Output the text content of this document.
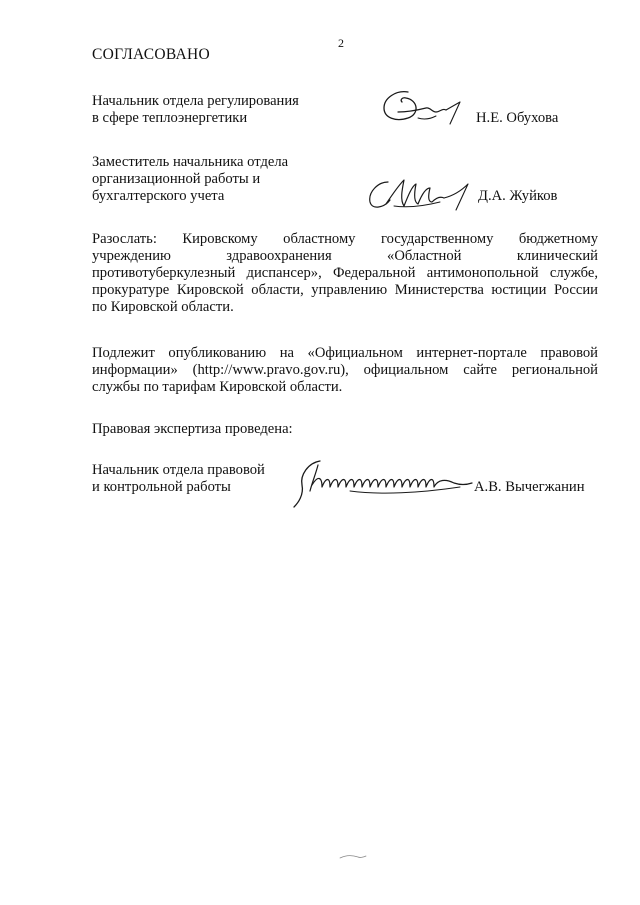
2
СОГЛАСОВАНО
Начальник отдела регулирования
в сфере теплоэнергетики	Н.Е. Обухова
Заместитель начальника отдела
организационной работы и
бухгалтерского учета	Д.А. Жуйков
Разослать: Кировскому областному государственному бюджетному
учреждению здравоохранения «Областной клинический
противотуберкулезный диспансер», Федеральной антимонопольной службе,
прокуратуре Кировской области, управлению Министерства юстиции России
по Кировской области.
Подлежит опубликованию на «Официальном интернет-портале правовой
информации» (http://www.pravo.gov.ru), официальном сайте региональной
службы по тарифам Кировской области.
Правовая экспертиза проведена:
Начальник отдела правовой
и контрольной работы	А.В. Вычегжанин
